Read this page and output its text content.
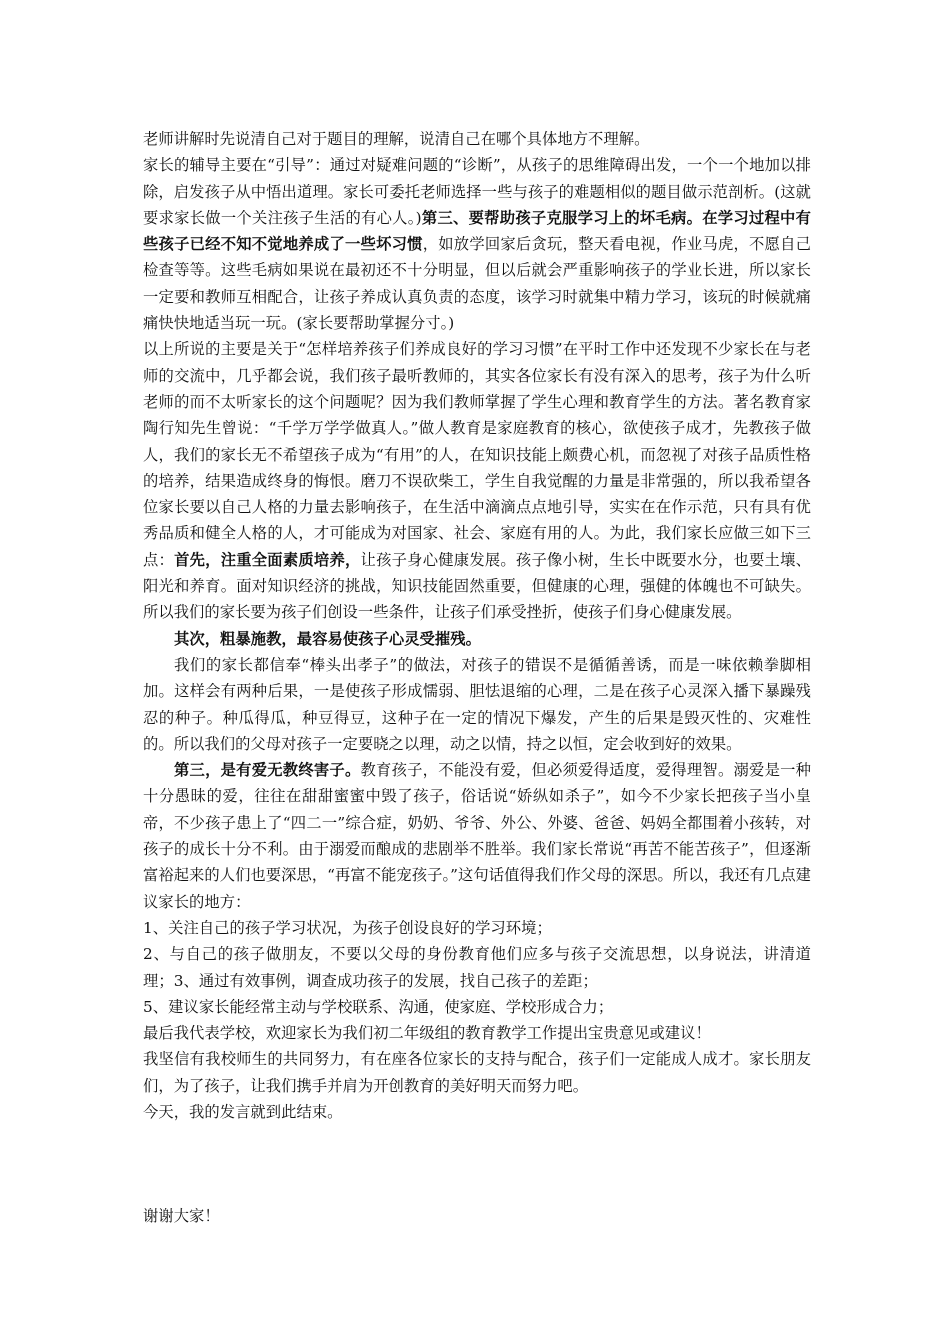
老师讲解时先说清自己对于题目的理解，说清自己在哪个具体地方不理解。

家长的辅导主要在“引导”：通过对疑难问题的“诊断”，从孩子的思维障碍出发，一个一个地加以排除，启发孩子从中悟出道理。家长可委托老师选择一些与孩子的难题相似的题目做示范剖析。(这就要求家长做一个关注孩子生活的有心人。)第三、要帮助孩子克服学习上的坏毛病。在学习过程中有些孩子已经不知不觉地养成了一些坏习惯，如放学回家后贪玩，整天看电视，作业马虎，不愿自己检查等等。这些毛病如果说在最初还不十分明显，但以后就会严重影响孩子的学业长进，所以家长一定要和教师互相配合，让孩子养成认真负责的态度，该学习时就集中精力学习，该玩的时候就痛痛快快地适当玩一玩。(家长要帮助掌握分寸。)

以上所说的主要是关于“怎样培养孩子们养成良好的学习习惯”在平时工作中还发现不少家长在与老师的交流中，几乎都会说，我们孩子最听教师的，其实各位家长有没有深入的思考，孩子为什么听老师的而不太听家长的这个问题呢？因为我们教师掌握了学生心理和教育学生的方法。著名教育家陶行知先生曾说：“千学万学学做真人。”做人教育是家庭教育的核心，欲使孩子成才，先教孩子做人，我们的家长无不希望孩子成为“有用”的人，在知识技能上颇费心机，而忽视了对孩子品质性格的培养，结果造成终身的悔恨。磨刀不误砍柴工，学生自我觉醒的力量是非常强的，所以我希望各位家长要以自己人格的力量去影响孩子，在生活中滴滴点点地引导，实实在在作示范，只有具有优秀品质和健全人格的人，才可能成为对国家、社会、家庭有用的人。为此，我们家长应做三如下三点：首先，注重全面素质培养，让孩子身心健康发展。孩子像小树，生长中既要水分，也要土壤、阳光和养育。面对知识经济的挑战，知识技能固然重要，但健康的心理，强健的体魄也不可缺失。所以我们的家长要为孩子们创设一些条件，让孩子们承受挫折，使孩子们身心健康发展。

其次，粗暴施教，最容易使孩子心灵受摧残。

我们的家长都信奉“棒头出孝子”的做法，对孩子的错误不是循循善诱，而是一味依赖拳脚相加。这样会有两种后果，一是使孩子形成懦弱、胆怯退缩的心理，二是在孩子心灵深入播下暴躁残忍的种子。种瓜得瓜，种豆得豆，这种子在一定的情况下爆发，产生的后果是毁灭性的、灾难性的。所以我们的父母对孩子一定要晓之以理，动之以情，持之以恒，定会收到好的效果。

第三，是有爱无教终害子。教育孩子，不能没有爱，但必须爱得适度，爱得理智。溺爱是一种十分愚昧的爱，往往在甜甜蜜蜜中毁了孩子，俗话说“娇纵如杀子”，如今不少家长把孩子当小皇帝，不少孩子患上了“四二一”综合症，奶奶、爷爷、外公、外婆、爸爸、妈妈全都围着小孩转，对孩子的成长十分不利。由于溺爱而酿成的悲剧举不胜举。我们家长常说“再苦不能苦孩子”，但逐渐富裕起来的人们也要深思，“再富不能宠孩子。”这句话值得我们作父母的深思。所以，我还有几点建议家长的地方：

1、关注自己的孩子学习状况，为孩子创设良好的学习环境；

2、与自己的孩子做朋友，不要以父母的身份教育他们应多与孩子交流思想，以身说法，讲清道理；3、通过有效事例，调查成功孩子的发展，找自己孩子的差距；

5、建议家长能经常主动与学校联系、沟通，使家庭、学校形成合力；

最后我代表学校，欢迎家长为我们初二年级组的教育教学工作提出宝贵意见或建议！

我坚信有我校师生的共同努力，有在座各位家长的支持与配合，孩子们一定能成人成才。家长朋友们，为了孩子，让我们携手并肩为开创教育的美好明天而努力吧。

今天，我的发言就到此结束。

谢谢大家！
